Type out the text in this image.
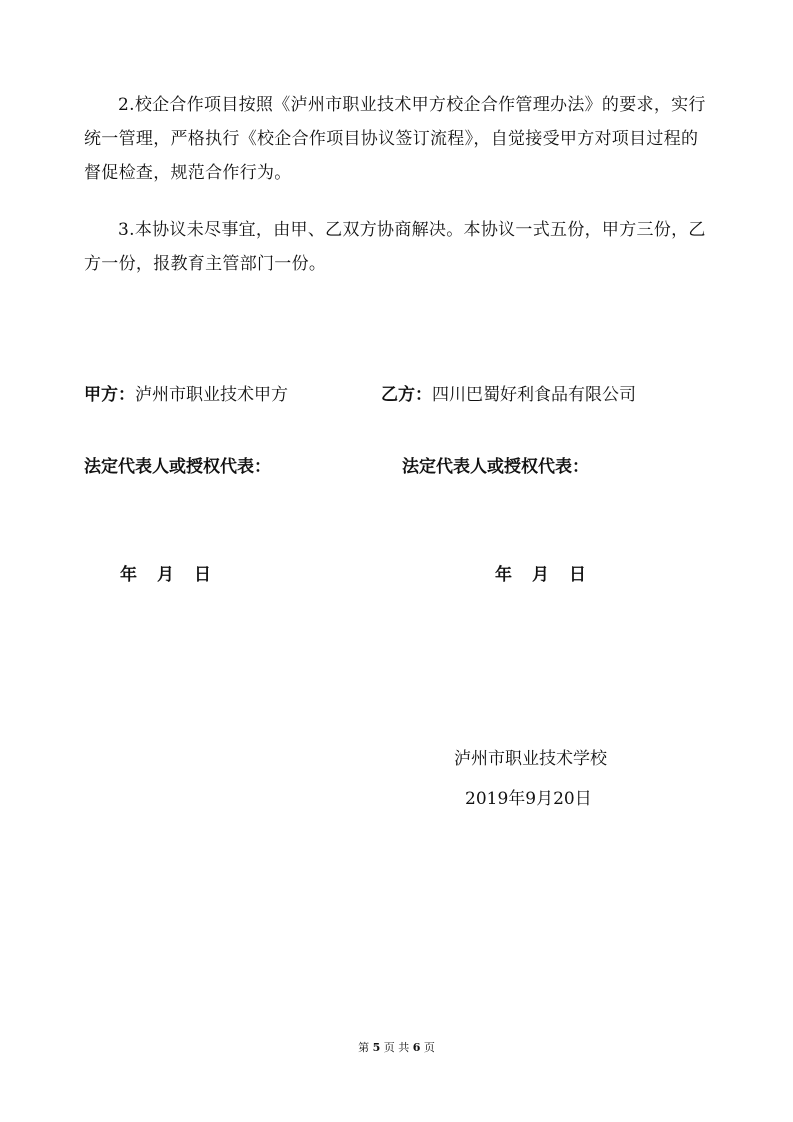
2.校企合作项目按照《泸州市职业技术甲方校企合作管理办法》的要求，实行统一管理，严格执行《校企合作项目协议签订流程》，自觉接受甲方对项目过程的督促检查，规范合作行为。

3.本协议未尽事宜，由甲、乙双方协商解决。本协议一式五份，甲方三份，乙方一份，报教育主管部门一份。

甲方：泸州市职业技术甲方	乙方：四川巴蜀好利食品有限公司
法定代表人或授权代表：	法定代表人或授权代表：
年 月 日	年 月 日
泸州市职业技术学校
2019年9月20日
第 5 页 共 6 页
